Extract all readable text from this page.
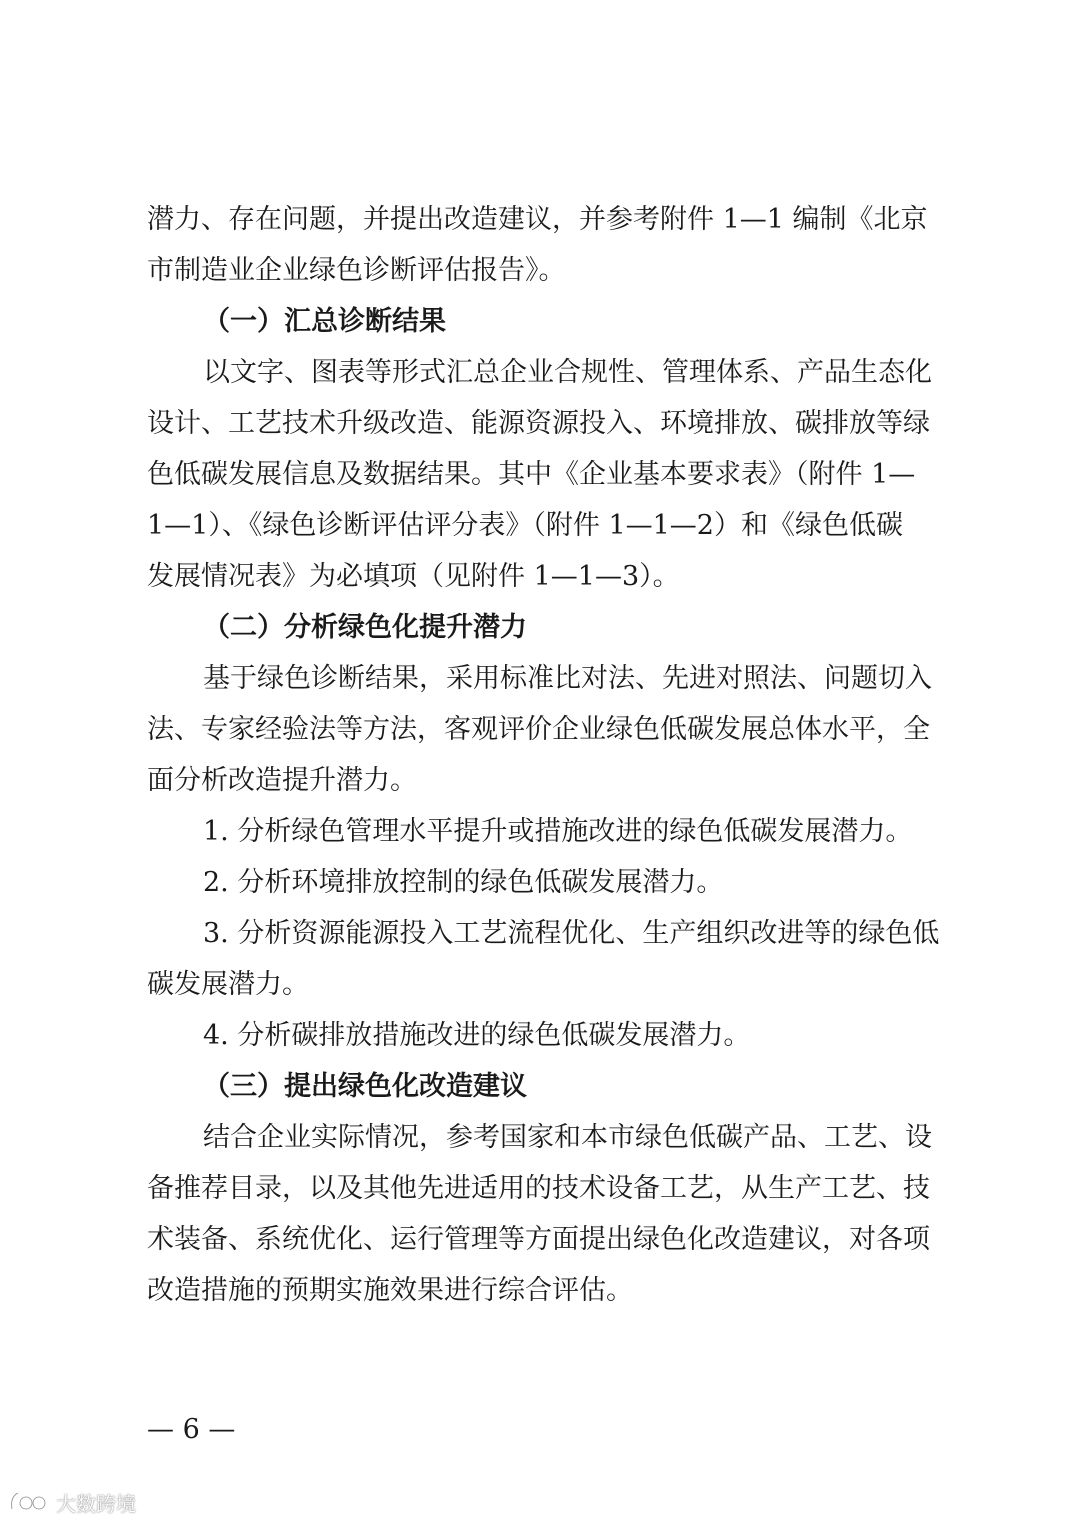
潜力、存在问题，并提出改造建议，并参考附件 1—1 编制《北京
市制造业企业绿色诊断评估报告》。
（一）汇总诊断结果
以文字、图表等形式汇总企业合规性、管理体系、产品生态化
设计、工艺技术升级改造、能源资源投入、环境排放、碳排放等绿
色低碳发展信息及数据结果。其中《企业基本要求表》（附件 1—
1—1）、《绿色诊断评估评分表》（附件 1—1—2）和《绿色低碳
发展情况表》为必填项（见附件 1—1—3）。
（二）分析绿色化提升潜力
基于绿色诊断结果，采用标准比对法、先进对照法、问题切入
法、专家经验法等方法，客观评价企业绿色低碳发展总体水平，全
面分析改造提升潜力。
1. 分析绿色管理水平提升或措施改进的绿色低碳发展潜力。
2. 分析环境排放控制的绿色低碳发展潜力。
3. 分析资源能源投入工艺流程优化、生产组织改进等的绿色低
碳发展潜力。
4. 分析碳排放措施改进的绿色低碳发展潜力。
（三）提出绿色化改造建议
结合企业实际情况，参考国家和本市绿色低碳产品、工艺、设
备推荐目录，以及其他先进适用的技术设备工艺，从生产工艺、技
术装备、系统优化、运行管理等方面提出绿色化改造建议，对各项
改造措施的预期实施效果进行综合评估。
— 6 —
大数跨境
